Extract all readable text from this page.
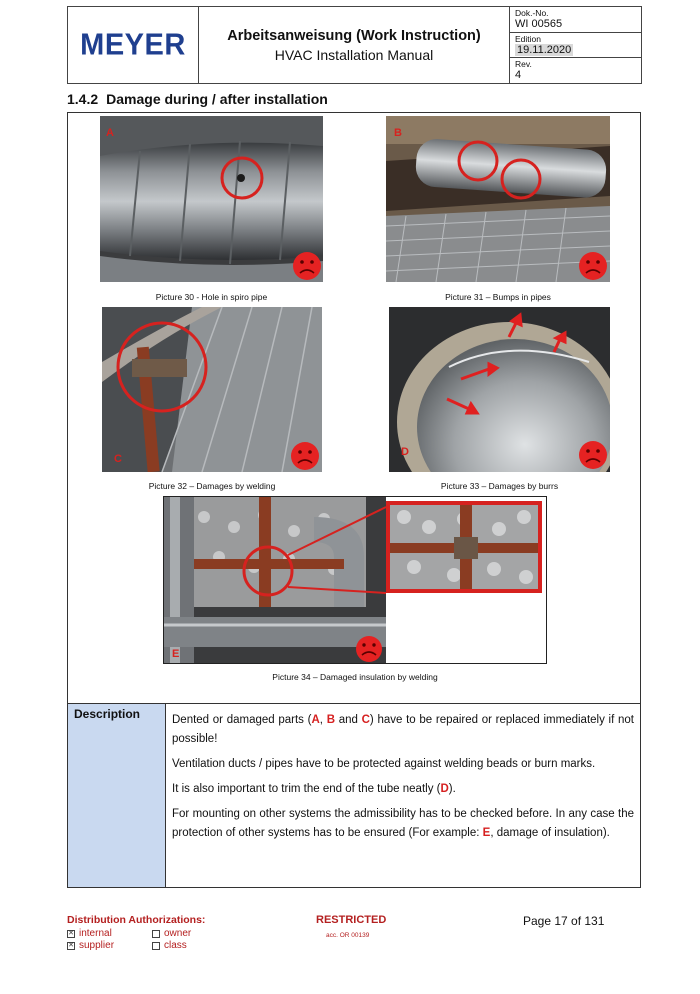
MEYER	Arbeitsanweisung (Work Instruction)
HVAC Installation Manual
Dok.-No.
WI 00565
Edition
19.11.2020
Rev.
4
1.4.2 Damage during / after installation
A
Picture 30 - Hole in spiro pipe
B
Picture 31 – Bumps in pipes
C
Picture 32 – Damages by welding
D
Picture 33 – Damages by burrs
E
Picture 34 – Damaged insulation by welding
Description	Dented or damaged parts (A, B and C) have to be repaired or replaced immediately if not possible!

Ventilation ducts / pipes have to be protected against welding beads or burn marks.

It is also important to trim the end of the tube neatly (D).

For mounting on other systems the admissibility has to be checked before. In any case the protection of other systems has to be ensured (For example: E, damage of insulation).

Distribution Authorizations:
✕ internal	owner
✕ supplier	class
RESTRICTED
acc. OR 00139
Page 17 of 131
